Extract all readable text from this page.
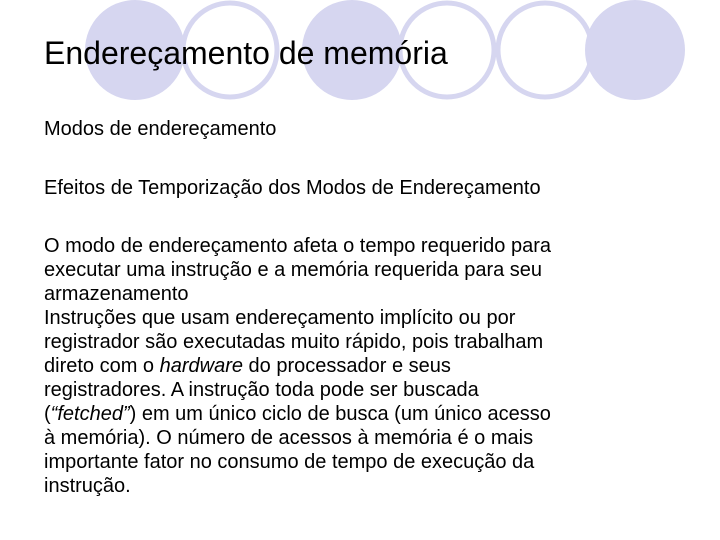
Endereçamento de memória
Modos de endereçamento
Efeitos de Temporização dos Modos de Endereçamento

O modo de endereçamento afeta o tempo requerido para
executar uma instrução e a memória requerida para seu
armazenamento

Instruções que usam endereçamento implícito ou por
registrador são executadas muito rápido, pois trabalham
direto com o hardware do processador e seus
registradores. A instrução toda pode ser buscada
(“fetched”) em um único ciclo de busca (um único acesso
à memória). O número de acessos à memória é o mais
importante fator no consumo de tempo de execução da
instrução.
